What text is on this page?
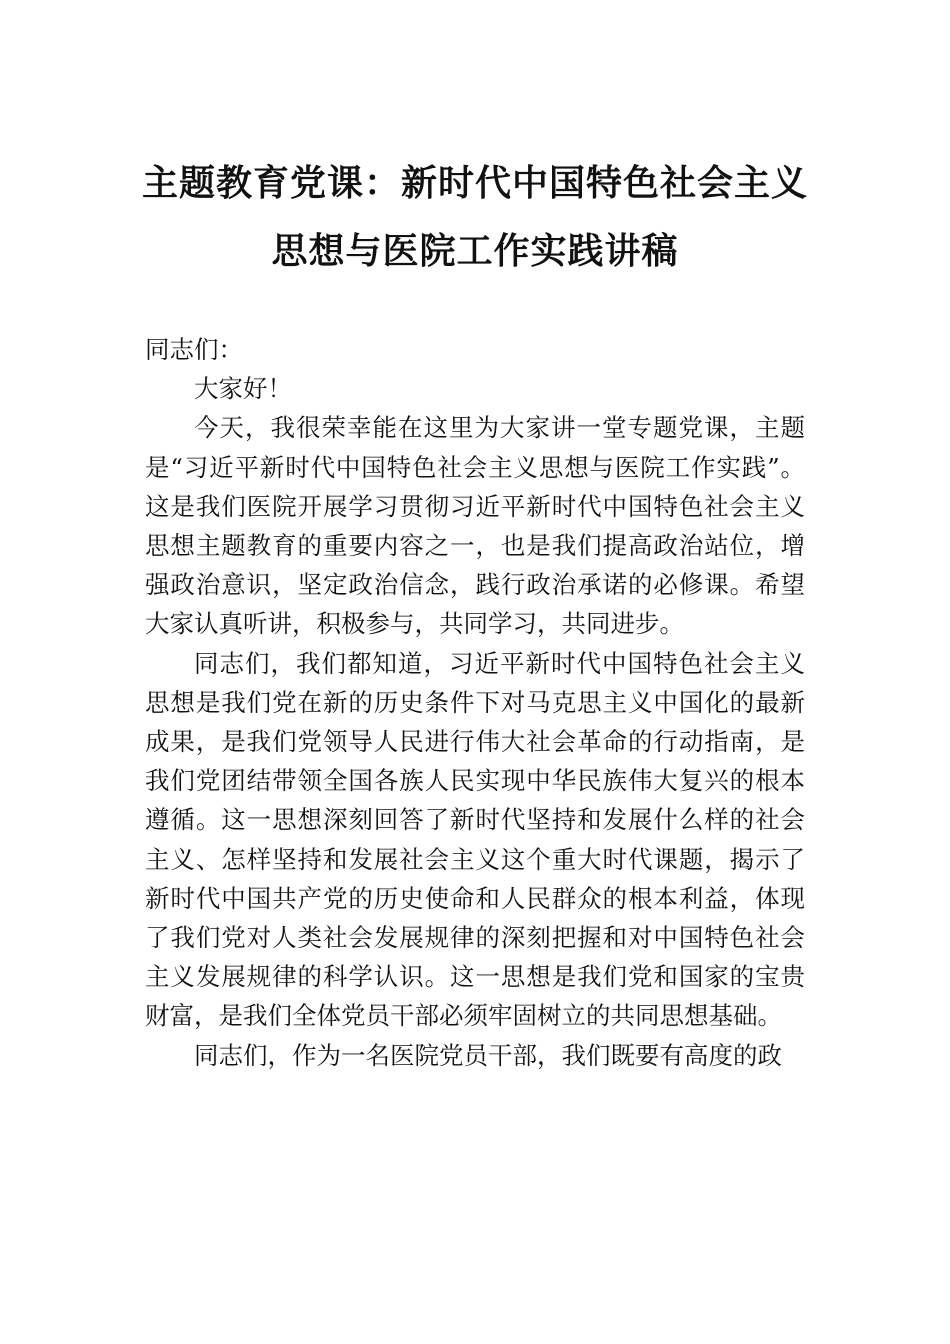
主题教育党课：新时代中国特色社会主义
思想与医院工作实践讲稿

同志们：

大家好！

今天，我很荣幸能在这里为大家讲一堂专题党课，主题是“习近平新时代中国特色社会主义思想与医院工作实践”。这是我们医院开展学习贯彻习近平新时代中国特色社会主义思想主题教育的重要内容之一，也是我们提高政治站位，增强政治意识，坚定政治信念，践行政治承诺的必修课。希望大家认真听讲，积极参与，共同学习，共同进步。

同志们，我们都知道，习近平新时代中国特色社会主义思想是我们党在新的历史条件下对马克思主义中国化的最新成果，是我们党领导人民进行伟大社会革命的行动指南，是我们党团结带领全国各族人民实现中华民族伟大复兴的根本遵循。这一思想深刻回答了新时代坚持和发展什么样的社会主义、怎样坚持和发展社会主义这个重大时代课题，揭示了新时代中国共产党的历史使命和人民群众的根本利益，体现了我们党对人类社会发展规律的深刻把握和对中国特色社会主义发展规律的科学认识。这一思想是我们党和国家的宝贵财富，是我们全体党员干部必须牢固树立的共同思想基础。

同志们，作为一名医院党员干部，我们既要有高度的政
